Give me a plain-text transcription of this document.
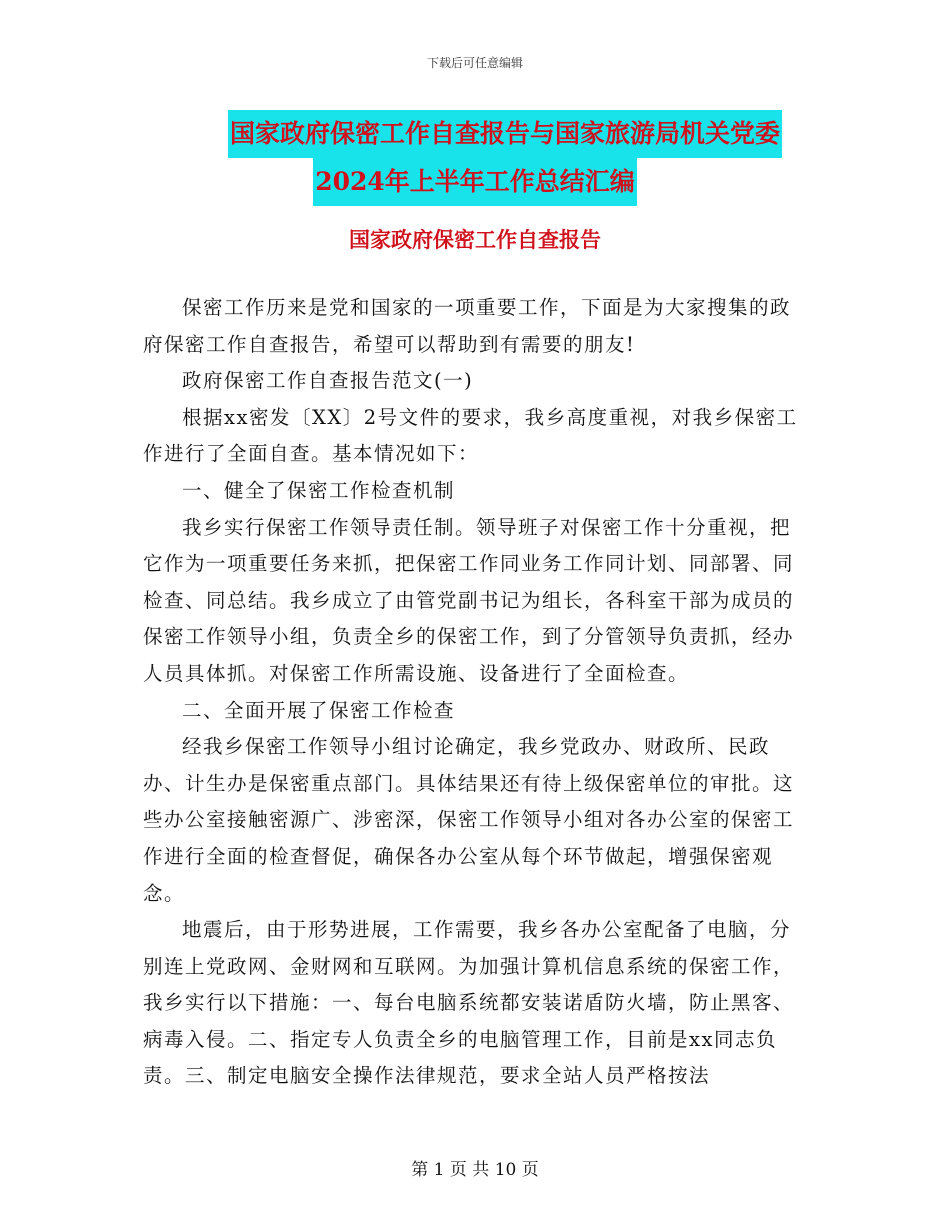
下载后可任意编辑
国家政府保密工作自查报告与国家旅游局机关党委
2024年上半年工作总结汇编
国家政府保密工作自查报告

保密工作历来是党和国家的一项重要工作，下面是为大家搜集的政府保密工作自查报告，希望可以帮助到有需要的朋友!

政府保密工作自查报告范文(一)

根据xx密发〔XX〕2号文件的要求，我乡高度重视，对我乡保密工作进行了全面自查。基本情况如下：

一、健全了保密工作检查机制

我乡实行保密工作领导责任制。领导班子对保密工作十分重视，把它作为一项重要任务来抓，把保密工作同业务工作同计划、同部署、同检查、同总结。我乡成立了由管党副书记为组长，各科室干部为成员的保密工作领导小组，负责全乡的保密工作，到了分管领导负责抓，经办人员具体抓。对保密工作所需设施、设备进行了全面检查。

二、全面开展了保密工作检查

经我乡保密工作领导小组讨论确定，我乡党政办、财政所、民政办、计生办是保密重点部门。具体结果还有待上级保密单位的审批。这些办公室接触密源广、涉密深，保密工作领导小组对各办公室的保密工作进行全面的检查督促，确保各办公室从每个环节做起，增强保密观念。

地震后，由于形势进展，工作需要，我乡各办公室配备了电脑，分别连上党政网、金财网和互联网。为加强计算机信息系统的保密工作，我乡实行以下措施：一、每台电脑系统都安装诺盾防火墙，防止黑客、病毒入侵。二、指定专人负责全乡的电脑管理工作，目前是xx同志负责。三、制定电脑安全操作法律规范，要求全站人员严格按法

第 1 页 共 10 页
